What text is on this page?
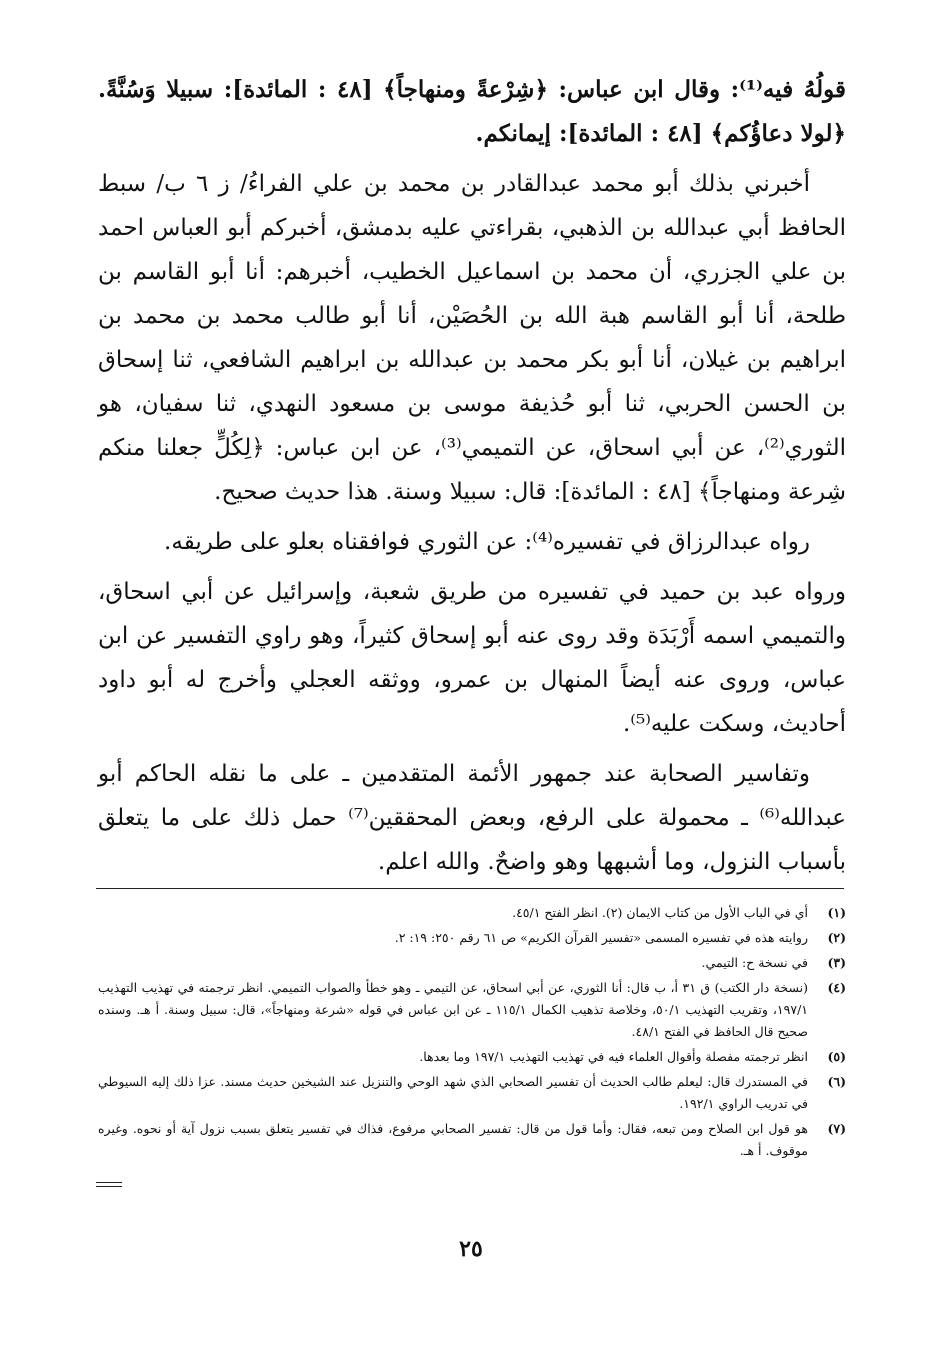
قولُهُ فيه⁽¹⁾: وقال ابن عباس: ﴿شِرْعةً ومنهاجاً﴾ [٤٨ : المائدة]: سبيلا وَسُنَّةً. ﴿لولا دعاؤُكم﴾ [٤٨ : المائدة]: إيمانكم.

أخبرني بذلك أبو محمد عبدالقادر بن محمد بن علي الفراءُ/ ز ٦ ب/ سبط الحافظ أبي عبدالله بن الذهبي، بقراءتي عليه بدمشق، أخبركم أبو العباس احمد بن علي الجزري، أن محمد بن اسماعيل الخطيب، أخبرهم: أنا أبو القاسم بن طلحة، أنا أبو القاسم هبة الله بن الحُصَيْن، أنا أبو طالب محمد بن محمد بن ابراهيم بن غيلان، أنا أبو بكر محمد بن عبدالله بن ابراهيم الشافعي، ثنا إسحاق بن الحسن الحربي، ثنا أبو حُذيفة موسى بن مسعود النهدي، ثنا سفيان، هو الثوري⁽²⁾، عن أبي اسحاق، عن التميمي⁽³⁾، عن ابن عباس: ﴿لِكُلٍّ جعلنا منكم شِرعة ومنهاجاً﴾ [٤٨ : المائدة]: قال: سبيلا وسنة. هذا حديث صحيح.

رواه عبدالرزاق في تفسيره⁽⁴⁾: عن الثوري فوافقناه بعلو على طريقه.

ورواه عبد بن حميد في تفسيره من طريق شعبة، وإسرائيل عن أبي اسحاق، والتميمي اسمه أَرْبَدَة وقد روى عنه أبو إسحاق كثيراً، وهو راوي التفسير عن ابن عباس، وروى عنه أيضاً المنهال بن عمرو، ووثقه العجلي وأخرج له أبو داود أحاديث، وسكت عليه⁽⁵⁾.

وتفاسير الصحابة عند جمهور الأئمة المتقدمين ـ على ما نقله الحاكم أبو عبدالله⁽⁶⁾ ـ محمولة على الرفع، وبعض المحققين⁽⁷⁾ حمل ذلك على ما يتعلق بأسباب النزول، وما أشبهها وهو واضحٌ. والله اعلم.

(١)
أي في الباب الأول من كتاب الايمان (٢). انظر الفتح ٤٥/١.
(٢)
روايته هذه في تفسيره المسمى «تفسير القرآن الكريم» ص ٦١ رقم ٢٥٠: ١٩: ٢.
(٣)
في نسخة ح: التيمي.
(٤)
(نسخة دار الكتب) ق ٣١ أ، ب قال: أنا الثوري، عن أبي اسحاق، عن التيمي ـ وهو خطأ والصواب التميمي. انظر ترجمته في تهذيب التهذيب ١٩٧/١، وتقريب التهذيب ٥٠/١، وخلاصة تذهيب الكمال ١١٥/١ ـ عن ابن عباس في قوله «شرعة ومنهاجاً»، قال: سبيل وسنة. أ هـ. وسنده صحيح قال الحافظ في الفتح ٤٨/١.
(٥)
انظر ترجمته مفصلة وأقوال العلماء فيه في تهذيب التهذيب ١٩٧/١ وما بعدها.
(٦)
في المستدرك قال: ليعلم طالب الحديث أن تفسير الصحابي الذي شهد الوحي والتنزيل عند الشيخين حديث مسند. عزا ذلك إليه السيوطي في تدريب الراوي ١٩٢/١.
(٧)
هو قول ابن الصلاح ومن تبعه، فقال: وأما قول من قال: تفسير الصحابي مرفوع، فذاك في تفسير يتعلق بسبب نزول آية أو نحوه. وغيره موقوف. أ هـ.
٢٥
